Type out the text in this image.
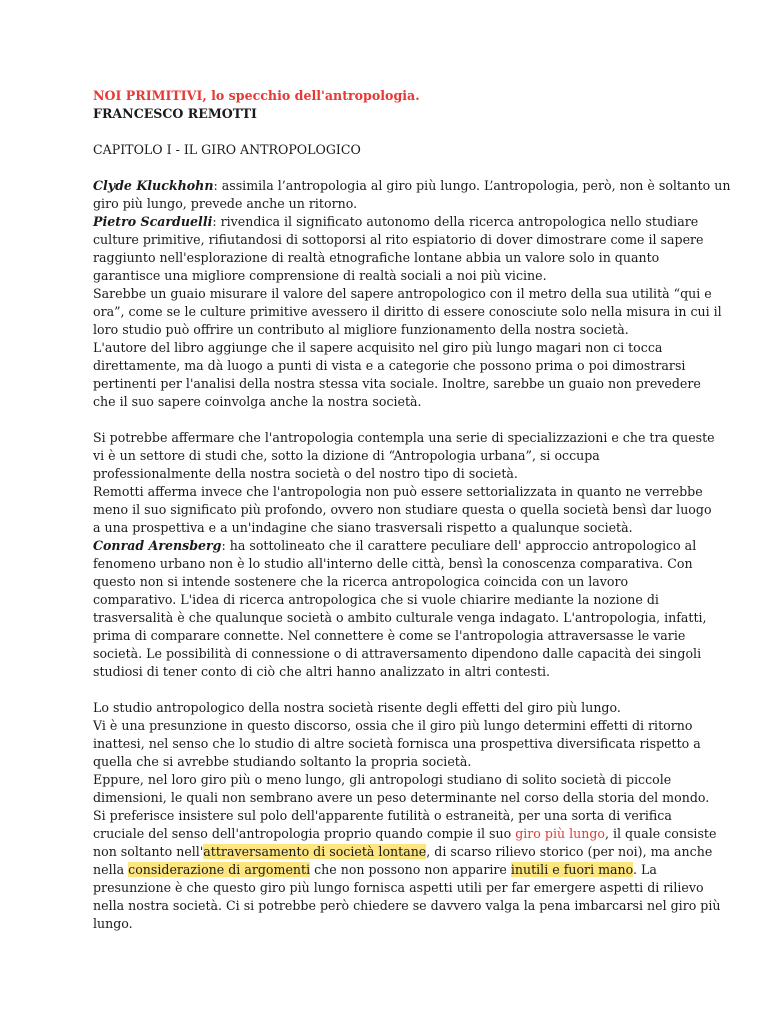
NOI PRIMITIVI, lo specchio dell'antropologia.
FRANCESCO REMOTTI
CAPITOLO I - IL GIRO ANTROPOLOGICO
Clyde Kluckhohn: assimila l’antropologia al giro più lungo. L’antropologia, però, non è soltanto un
giro più lungo, prevede anche un ritorno.
Pietro Scarduelli: rivendica il significato autonomo della ricerca antropologica nello studiare
culture primitive, rifiutandosi di sottoporsi al rito espiatorio di dover dimostrare come il sapere
raggiunto nell'esplorazione di realtà etnografiche lontane abbia un valore solo in quanto
garantisce una migliore comprensione di realtà sociali a noi più vicine.
Sarebbe un guaio misurare il valore del sapere antropologico con il metro della sua utilità “qui e
ora”, come se le culture primitive avessero il diritto di essere conosciute solo nella misura in cui il
loro studio può offrire un contributo al migliore funzionamento della nostra società.
L'autore del libro aggiunge che il sapere acquisito nel giro più lungo magari non ci tocca
direttamente, ma dà luogo a punti di vista e a categorie che possono prima o poi dimostrarsi
pertinenti per l'analisi della nostra stessa vita sociale. Inoltre, sarebbe un guaio non prevedere
che il suo sapere coinvolga anche la nostra società.
Si potrebbe affermare che l'antropologia contempla una serie di specializzazioni e che tra queste
vi è un settore di studi che, sotto la dizione di “Antropologia urbana”, si occupa
professionalmente della nostra società o del nostro tipo di società.
Remotti afferma invece che l'antropologia non può essere settorializzata in quanto ne verrebbe
meno il suo significato più profondo, ovvero non studiare questa o quella società bensì dar luogo
a una prospettiva e a un'indagine che siano trasversali rispetto a qualunque società.
Conrad Arensberg: ha sottolineato che il carattere peculiare dell' approccio antropologico al
fenomeno urbano non è lo studio all'interno delle città, bensì la conoscenza comparativa. Con
questo non si intende sostenere che la ricerca antropologica coincida con un lavoro
comparativo. L'idea di ricerca antropologica che si vuole chiarire mediante la nozione di
trasversalità è che qualunque società o ambito culturale venga indagato. L'antropologia, infatti,
prima di comparare connette. Nel connettere è come se l'antropologia attraversasse le varie
società. Le possibilità di connessione o di attraversamento dipendono dalle capacità dei singoli
studiosi di tener conto di ciò che altri hanno analizzato in altri contesti.
Lo studio antropologico della nostra società risente degli effetti del giro più lungo.
Vi è una presunzione in questo discorso, ossia che il giro più lungo determini effetti di ritorno
inattesi, nel senso che lo studio di altre società fornisca una prospettiva diversificata rispetto a
quella che si avrebbe studiando soltanto la propria società.
Eppure, nel loro giro più o meno lungo, gli antropologi studiano di solito società di piccole
dimensioni, le quali non sembrano avere un peso determinante nel corso della storia del mondo.
Si preferisce insistere sul polo dell'apparente futilità o estraneità, per una sorta di verifica
cruciale del senso dell'antropologia proprio quando compie il suo giro più lungo, il quale consiste
non soltanto nell'attraversamento di società lontane, di scarso rilievo storico (per noi), ma anche
nella considerazione di argomenti che non possono non apparire inutili e fuori mano. La
presunzione è che questo giro più lungo fornisca aspetti utili per far emergere aspetti di rilievo
nella nostra società. Ci si potrebbe però chiedere se davvero valga la pena imbarcarsi nel giro più
lungo.
